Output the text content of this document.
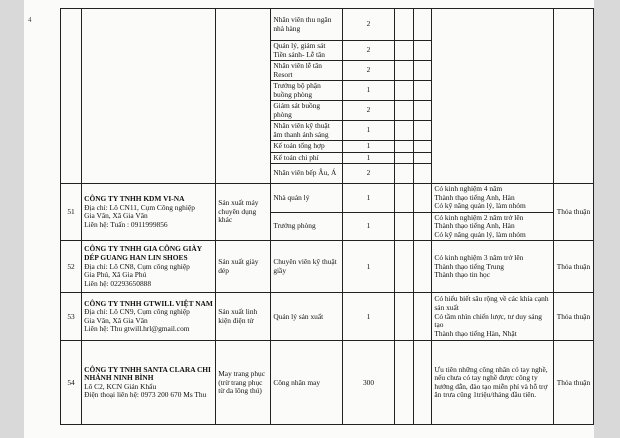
4
				Nhân viên thu ngân nhà hàng	2				
			Quản lý, giám sát Tiền sảnh- Lễ tân	2				
			Nhân viên lễ tân Resort	2				
			Trưởng bộ phận buồng phòng	1				
			Giám sát buồng phòng	2				
			Nhân viên kỹ thuật âm thanh ánh sáng	1				
			Kế toán tổng hợp	1				
			Kế toán chi phí	1				
			Nhân viên bếp Âu, Á	2				
51	CÔNG TY TNHH KDM VI-NA
Địa chỉ: Lô CN11, Cụm Công nghiệp
Gia Vân, Xã Gia Vân
Liên hệ: Tuấn : 0911999856	Sản xuất máy chuyên dụng khác	Nhà quản lý	1			Có kinh nghiệm 4 năm
Thành thạo tiếng Anh, Hàn
Có kỹ năng quản lý, làm nhóm	Thỏa thuận
			Trưởng phòng	1			Có kinh nghiệm 2 năm trở lên
Thành thạo tiếng Anh, Hàn
Có kỹ năng quản lý, làm nhóm	

52	CÔNG TY TNHH GIA CÔNG GIÀY DÉP GUANG HAN LIN SHOES
Địa chỉ: Lô CN8, Cụm công nghiệp
Gia Phú, Xã Gia Phú
Liên hệ: 02293650888	Sản xuất giày dép	Chuyên viên kỹ thuật giầy	1			Có kinh nghiệm 3 năm trở lên
Thành thạo tiếng Trung
Thành thạo tin học	Thỏa thuận
53	CÔNG TY TNHH GTWILL VIỆT NAM
Địa chỉ: Lô CN9, Cụm công nghiệp
Gia Vân, Xã Gia Vân
Liên hệ: Thu gtwill.hrl@gmail.com	Sản xuất linh kiện điện tử	Quản lý sản xuất	1			Có hiểu biết sâu rộng về các khía cạnh sản xuất
Có tầm nhìn chiến lược, tư duy sáng tạo
Thành thạo tiếng Hàn, Nhật	Thỏa thuận
54	CÔNG TY TNHH SANTA CLARA CHI NHÁNH NINH BÌNH
Lô C2, KCN Gián Khẩu
Điện thoại liên hệ: 0973 200 670 Ms Thu	May trang phục (trừ trang phục từ da lông thú)	Công nhân may	300			Ưu tiên những công nhân có tay nghề, nếu chưa có tay nghề được công ty hướng dẫn, đào tạo miễn phí và hỗ trợ ăn trưa cũng 1triệu/tháng đầu tiên.	Thỏa thuận
